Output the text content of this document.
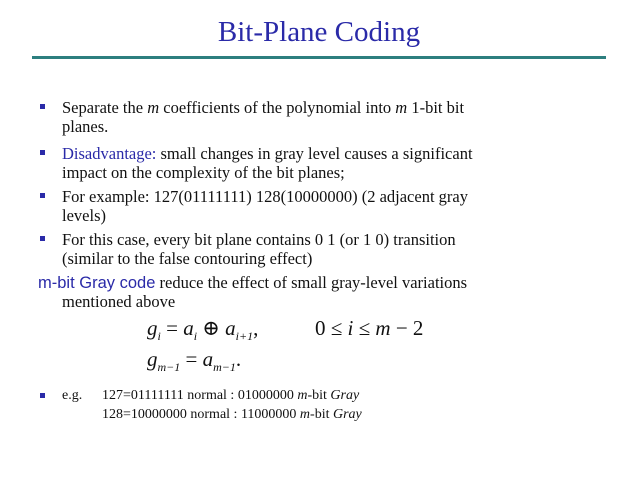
Bit-Plane Coding
Separate the m coefficients of the polynomial into m 1-bit bit
planes.
Disadvantage: small changes in gray level causes a significant
impact on the complexity of the bit planes;
For example: 127(01111111) 128(10000000) (2 adjacent gray
levels)
For this case, every bit plane contains 0 1 (or 1 0) transition
(similar to the false contouring effect)
m-bit Gray code reduce the effect of small gray-level variations
mentioned above
$g_i = a_i$ ⊕ $a_{i+1}$,	0 ≤ i ≤ m − 2
$g_{m-1} = a_{m-1}$.
e.g. 127=01111111 normal : 01000000 m-bit Gray
128=10000000 normal : 11000000 m-bit Gray
